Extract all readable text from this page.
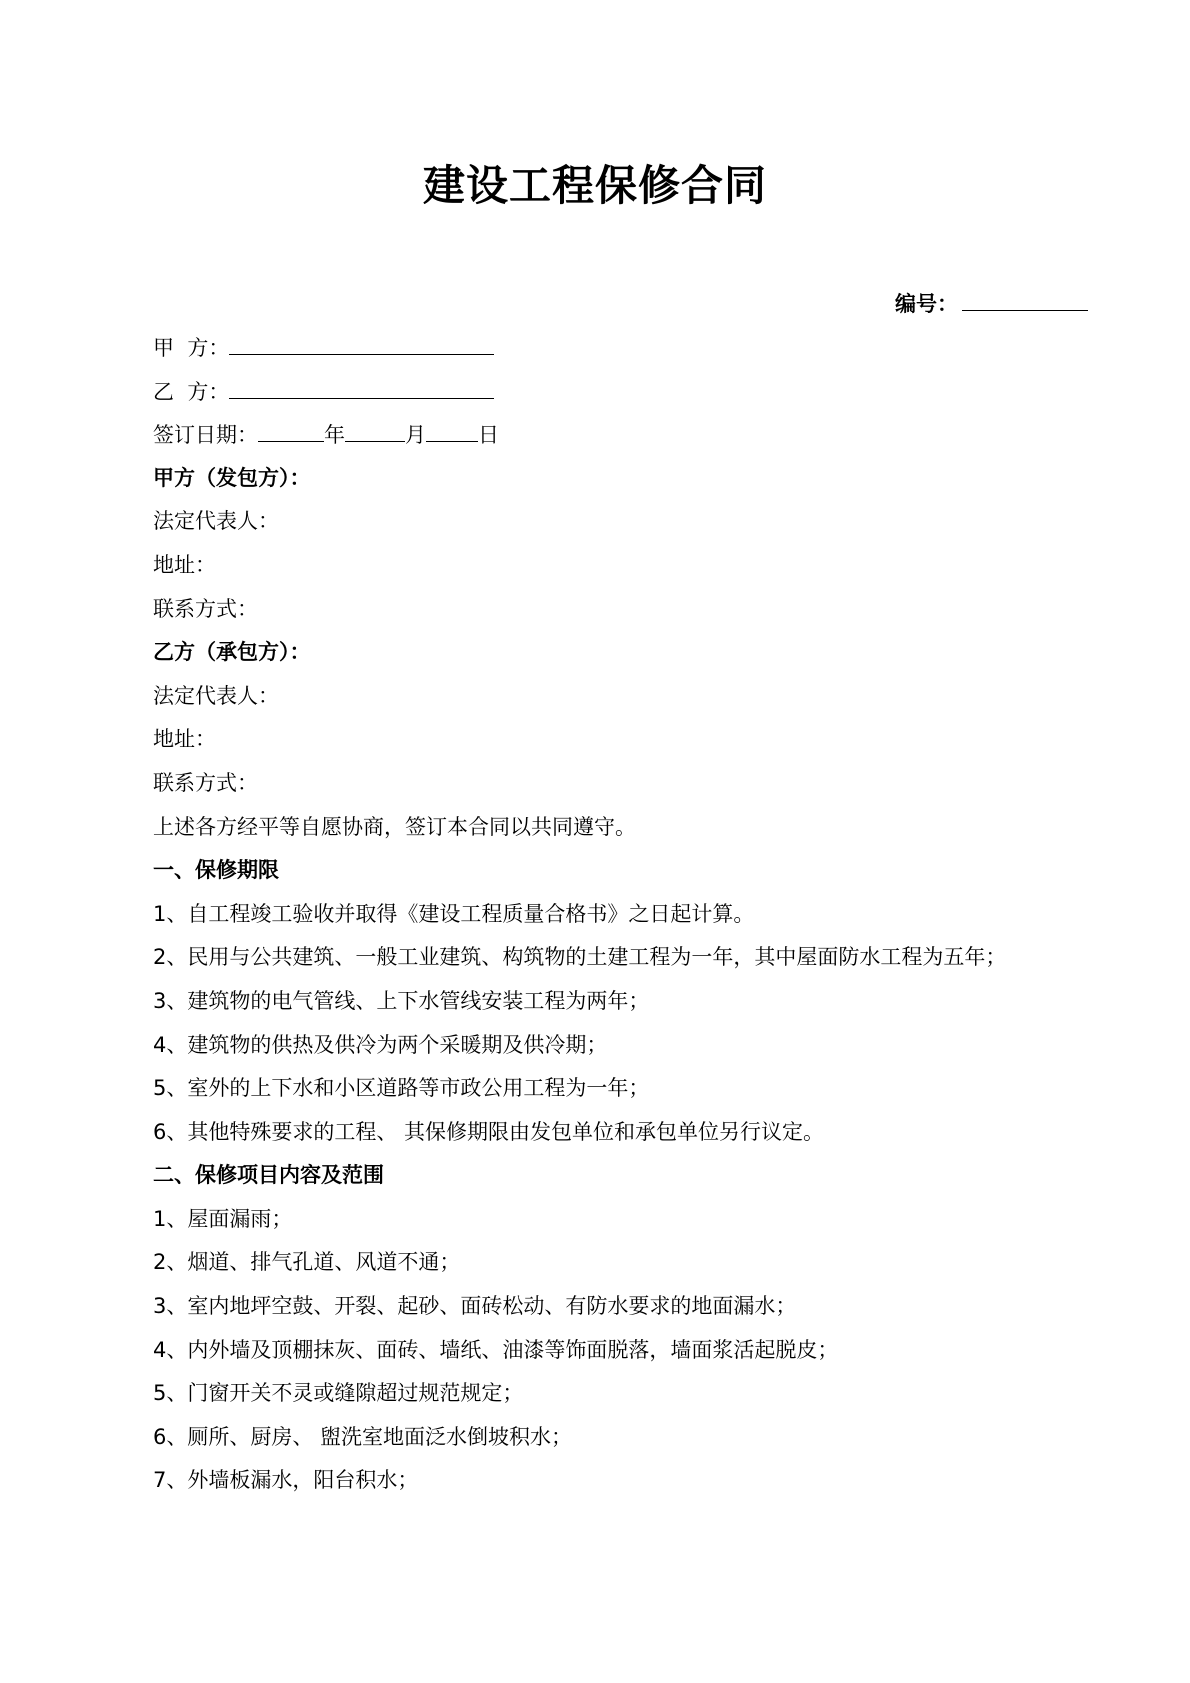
建设工程保修合同
编号：
甲  方：
乙  方：
签订日期：	年	月 日
甲方（发包方）：
法定代表人：
地址：
联系方式：
乙方（承包方）：
法定代表人：
地址：
联系方式：
上述各方经平等自愿协商，签订本合同以共同遵守。
一、保修期限
1、自工程竣工验收并取得《建设工程质量合格书》之日起计算。
2、民用与公共建筑、一般工业建筑、构筑物的土建工程为一年，其中屋面防水工程为五年；
3、建筑物的电气管线、上下水管线安装工程为两年；
4、建筑物的供热及供冷为两个采暖期及供冷期；
5、室外的上下水和小区道路等市政公用工程为一年；
6、其他特殊要求的工程、 其保修期限由发包单位和承包单位另行议定。
二、保修项目内容及范围
1、屋面漏雨；
2、烟道、排气孔道、风道不通；
3、室内地坪空鼓、开裂、起砂、面砖松动、有防水要求的地面漏水；
4、内外墙及顶棚抹灰、面砖、墙纸、油漆等饰面脱落，墙面浆活起脱皮；
5、门窗开关不灵或缝隙超过规范规定；
6、厕所、厨房、 盥洗室地面泛水倒坡积水；
7、外墙板漏水，阳台积水；
